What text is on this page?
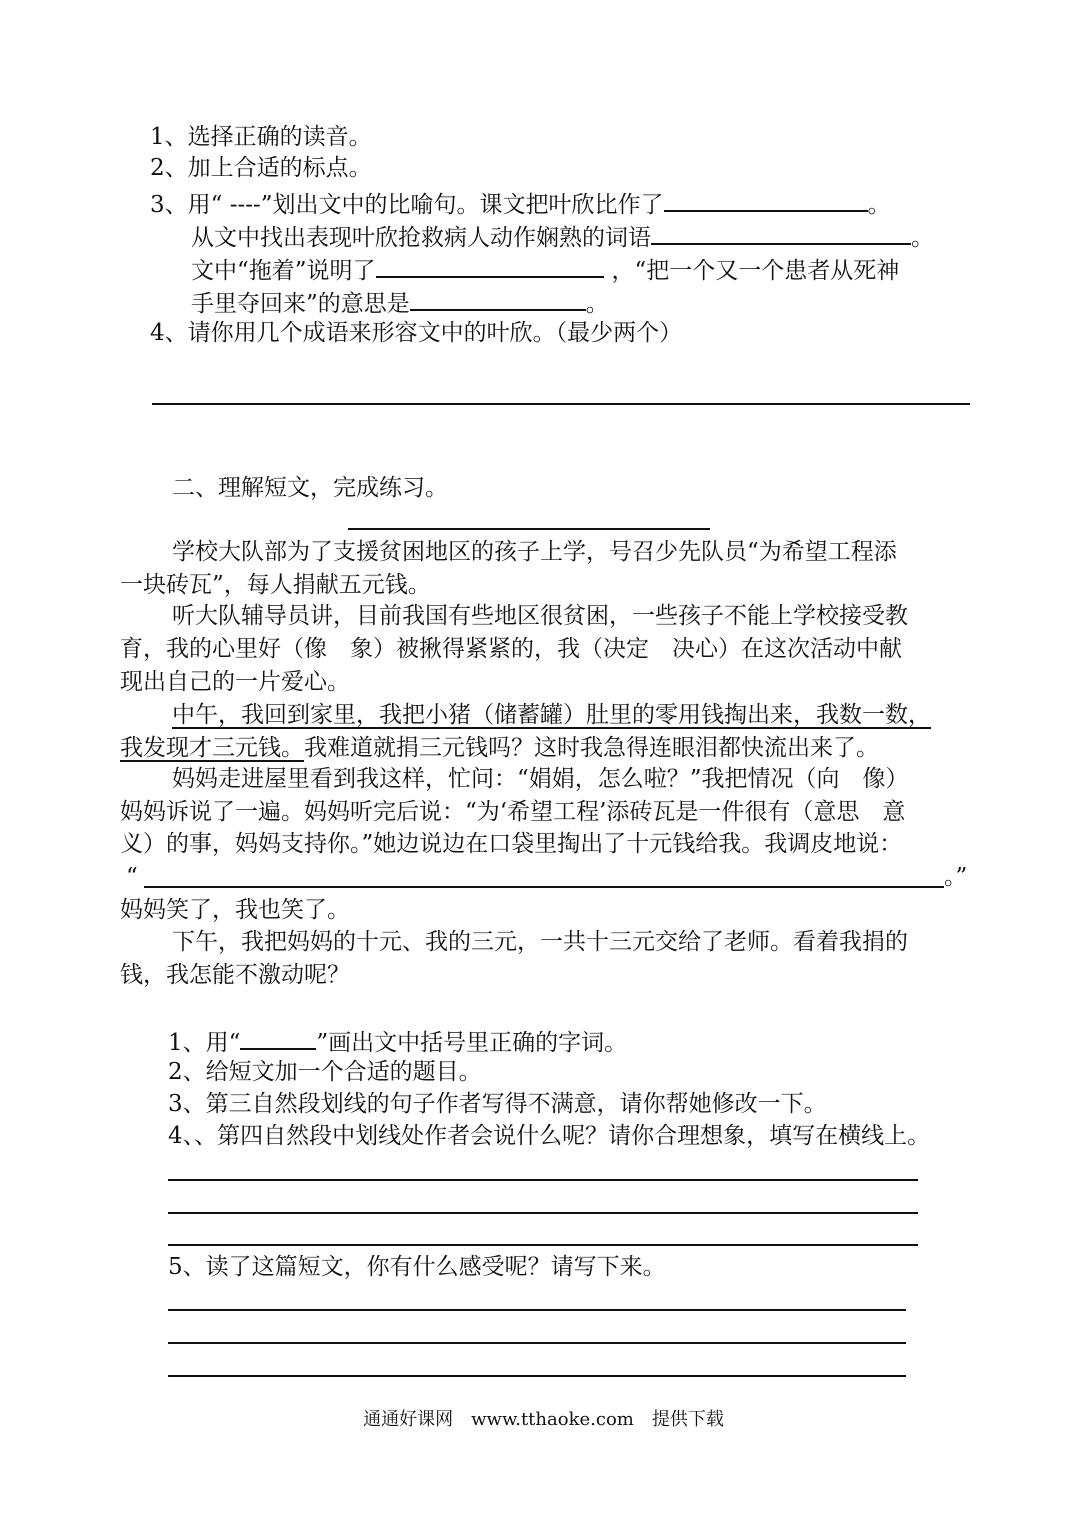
1、选择正确的读音。
2、加上合适的标点。
3、用“ ----”划出文中的比喻句。课文把叶欣比作了	。
从文中找出表现叶欣抢救病人动作娴熟的词语	。
文中“拖着”说明了	，“把一个又一个患者从死神
手里夺回来”的意思是	。
4、请你用几个成语来形容文中的叶欣。（最少两个）
二、理解短文，完成练习。
学校大队部为了支援贫困地区的孩子上学，号召少先队员“为希望工程添
一块砖瓦”，每人捐献五元钱。
听大队辅导员讲，目前我国有些地区很贫困，一些孩子不能上学校接受教
育，我的心里好（像　象）被揪得紧紧的，我（决定　决心）在这次活动中献
现出自己的一片爱心。
中午，我回到家里，我把小猪（储蓄罐）肚里的零用钱掏出来，我数一数，
我发现才三元钱。我难道就捐三元钱吗？这时我急得连眼泪都快流出来了。
妈妈走进屋里看到我这样，忙问：“娟娟，怎么啦？”我把情况（向　像）
妈妈诉说了一遍。妈妈听完后说：“为‘希望工程’添砖瓦是一件很有（意思　意
义）的事，妈妈支持你。”她边说边在口袋里掏出了十元钱给我。我调皮地说：
“	。”
妈妈笑了，我也笑了。
下午，我把妈妈的十元、我的三元，一共十三元交给了老师。看着我捐的
钱，我怎能不激动呢？
1、用“	”画出文中括号里正确的字词。
2、给短文加一个合适的题目。
3、第三自然段划线的句子作者写得不满意，请你帮她修改一下。
4、、第四自然段中划线处作者会说什么呢？请你合理想象，填写在横线上。
5、读了这篇短文，你有什么感受呢？请写下来。
通通好课网　www.tthaoke.com　提供下载
